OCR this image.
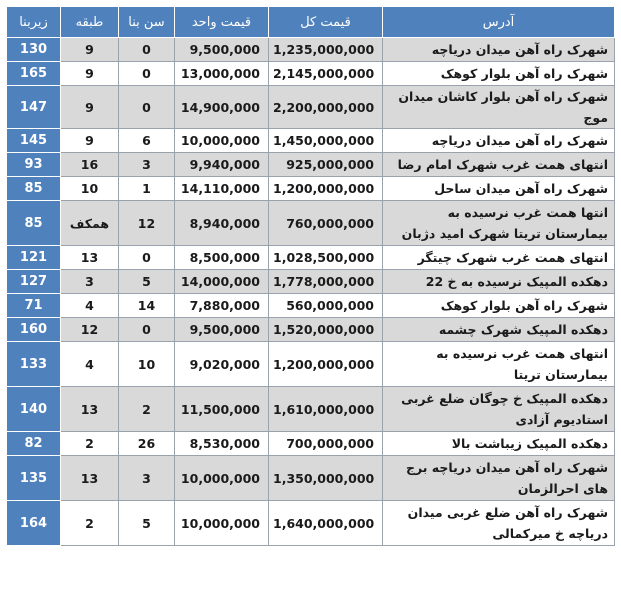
زیربنا	طبقه	سن بنا	قیمت واحد	قیمت کل	آدرس
130	9	0	9,500,000	1,235,000,000	شهرک راه آهن میدان دریاچه
165	9	0	13,000,000	2,145,000,000	شهرک راه آهن بلوار کوهک
147	9	0	14,900,000	2,200,000,000	شهرک راه آهن بلوار کاشان میدان موج
145	9	6	10,000,000	1,450,000,000	شهرک راه آهن میدان دریاچه
93	16	3	9,940,000	925,000,000	انتهای همت غرب شهرک امام رضا
85	10	1	14,110,000	1,200,000,000	شهرک راه آهن میدان ساحل
85	همکف	12	8,940,000	760,000,000	انتها همت غرب نرسیده به بیمارستان تریتا شهرک امید دژبان
121	13	0	8,500,000	1,028,500,000	انتهای همت غرب شهرک چیتگر
127	3	5	14,000,000	1,778,000,000	دهکده المپیک نرسیده به خ 22
71	4	14	7,880,000	560,000,000	شهرک راه آهن بلوار کوهک
160	12	0	9,500,000	1,520,000,000	دهکده المپیک شهرک چشمه
133	4	10	9,020,000	1,200,000,000	انتهای همت غرب نرسیده به بیمارستان تریتا
140	13	2	11,500,000	1,610,000,000	دهکده المپیک خ چوگان ضلع غربی استادیوم آزادی
82	2	26	8,530,000	700,000,000	دهکده المپیک زیباشت بالا
135	13	3	10,000,000	1,350,000,000	شهرک راه آهن میدان دریاچه برج های احرالزمان
164	2	5	10,000,000	1,640,000,000	شهرک راه آهن ضلع غربی میدان دریاچه خ میرکمالی
